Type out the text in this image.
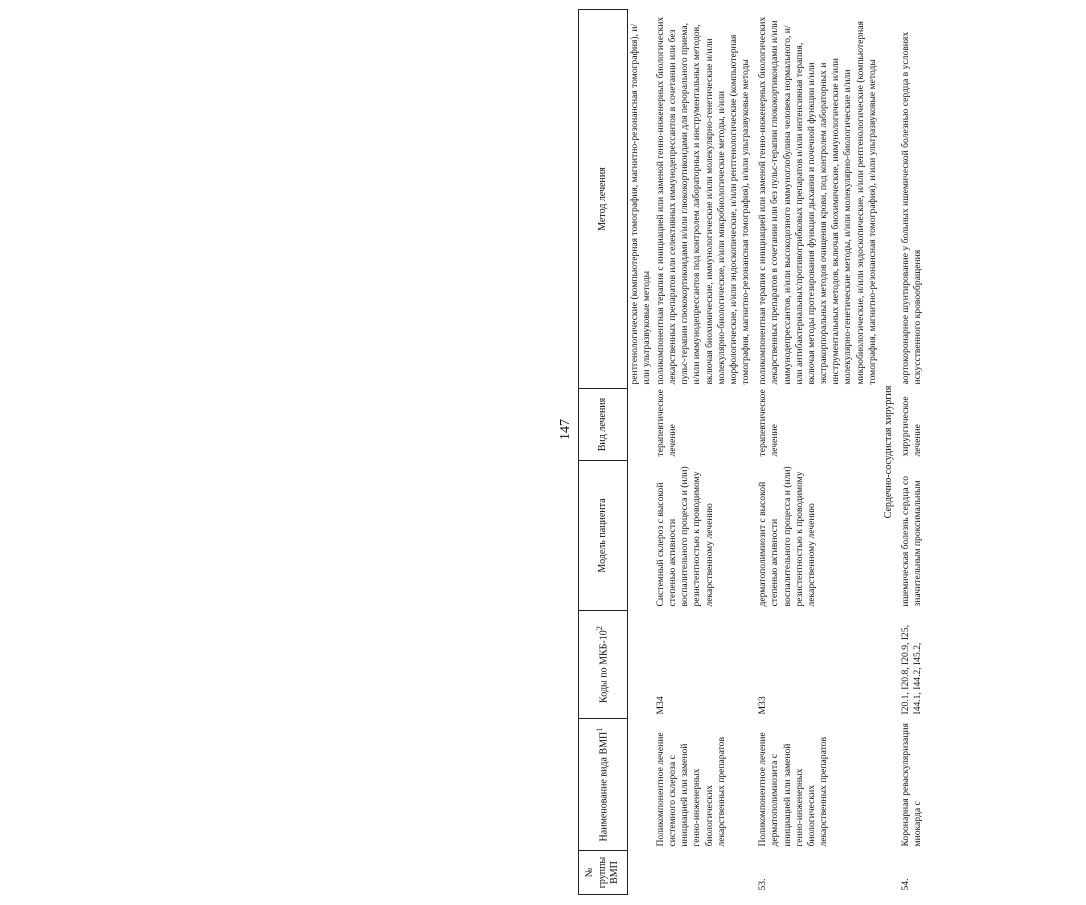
147
№ группы ВМП	Наименование вида ВМП$^1$	Коды по МКБ-$10^2$	Модель пациента	Вид лечения	Метод лечения
					рентгенологические (компьютерная томография, магнитно-резонансная томография), и/или ультразвуковые методы
	Поликомпонентное лечение системного склероза с инициацией или заменой генно-инженерных биологических лекарственных препаратов	М34	Системный склероз с высокой степенью активности воспалительного процесса и (или) резистентностью к проводимому лекарственному лечению	терапевтическое лечение	поликомпонентная терапия с инициацией или заменой генно-инженерных биологических лекарственных препаратов или селективных иммунодепрессантов в сочетании или без пульс-терапии глюкокортикоидами и/или глюкокортикоидами для перорального приема, и/или иммунодепрессантов под контролем лабораторных и инструментальных методов, включая биохимические, иммунологические и/или молекулярно-генетические и/или молекулярно-биологические, и/или микробиологические методы, и/или морфологические, и/или эндоскопические, и/или рентгенологические (компьютерная томография, магнитно-резонансная томография), и/или ультразвуковые методы
53.	Поликомпонентное лечение дерматополимиозита с инициацией или заменой генно-инженерных биологических лекарственных препаратов	М33	дерматополимиозит с высокой степенью активности воспалительного процесса и (или) резистентностью к проводимому лекарственному лечению	терапевтическое лечение	поликомпонентная терапия с инициацией или заменой генно-инженерных биологических лекарственных препаратов в сочетании или без пульс-терапии глюкокортикоидами и/или иммунодепрессантов, и/или высокодозного иммуноглобулина человека нормального, и/или антибактериальных/противогрибковых препаратов и/или интенсивная терапия, включая методы протезирования функции дыхания и почечной функции и/или экстракорпоральных методов очищения крови, под контролем лабораторных и инструментальных методов, включая биохимические, иммунологические и/или молекулярно-генетические методы, и/или молекулярно-биологические и/или микробиологические, и/или эндоскопические, и/или рентгенологические (компьютерная томография, магнитно-резонансная томография), и/или ультразвуковые методы
Сердечно-сосудистая хирургия					
54.	Коронарная реваскуляризация миокарда с	I20.1, I20.8, I20.9, I25, I44.1, I44.2, I45.2,	ишемическая болезнь сердца со значительным проксимальным	хирургическое лечение	аортокоронарное шунтирование у больных ишемической болезнью сердца в условиях искусственного кровообращения
